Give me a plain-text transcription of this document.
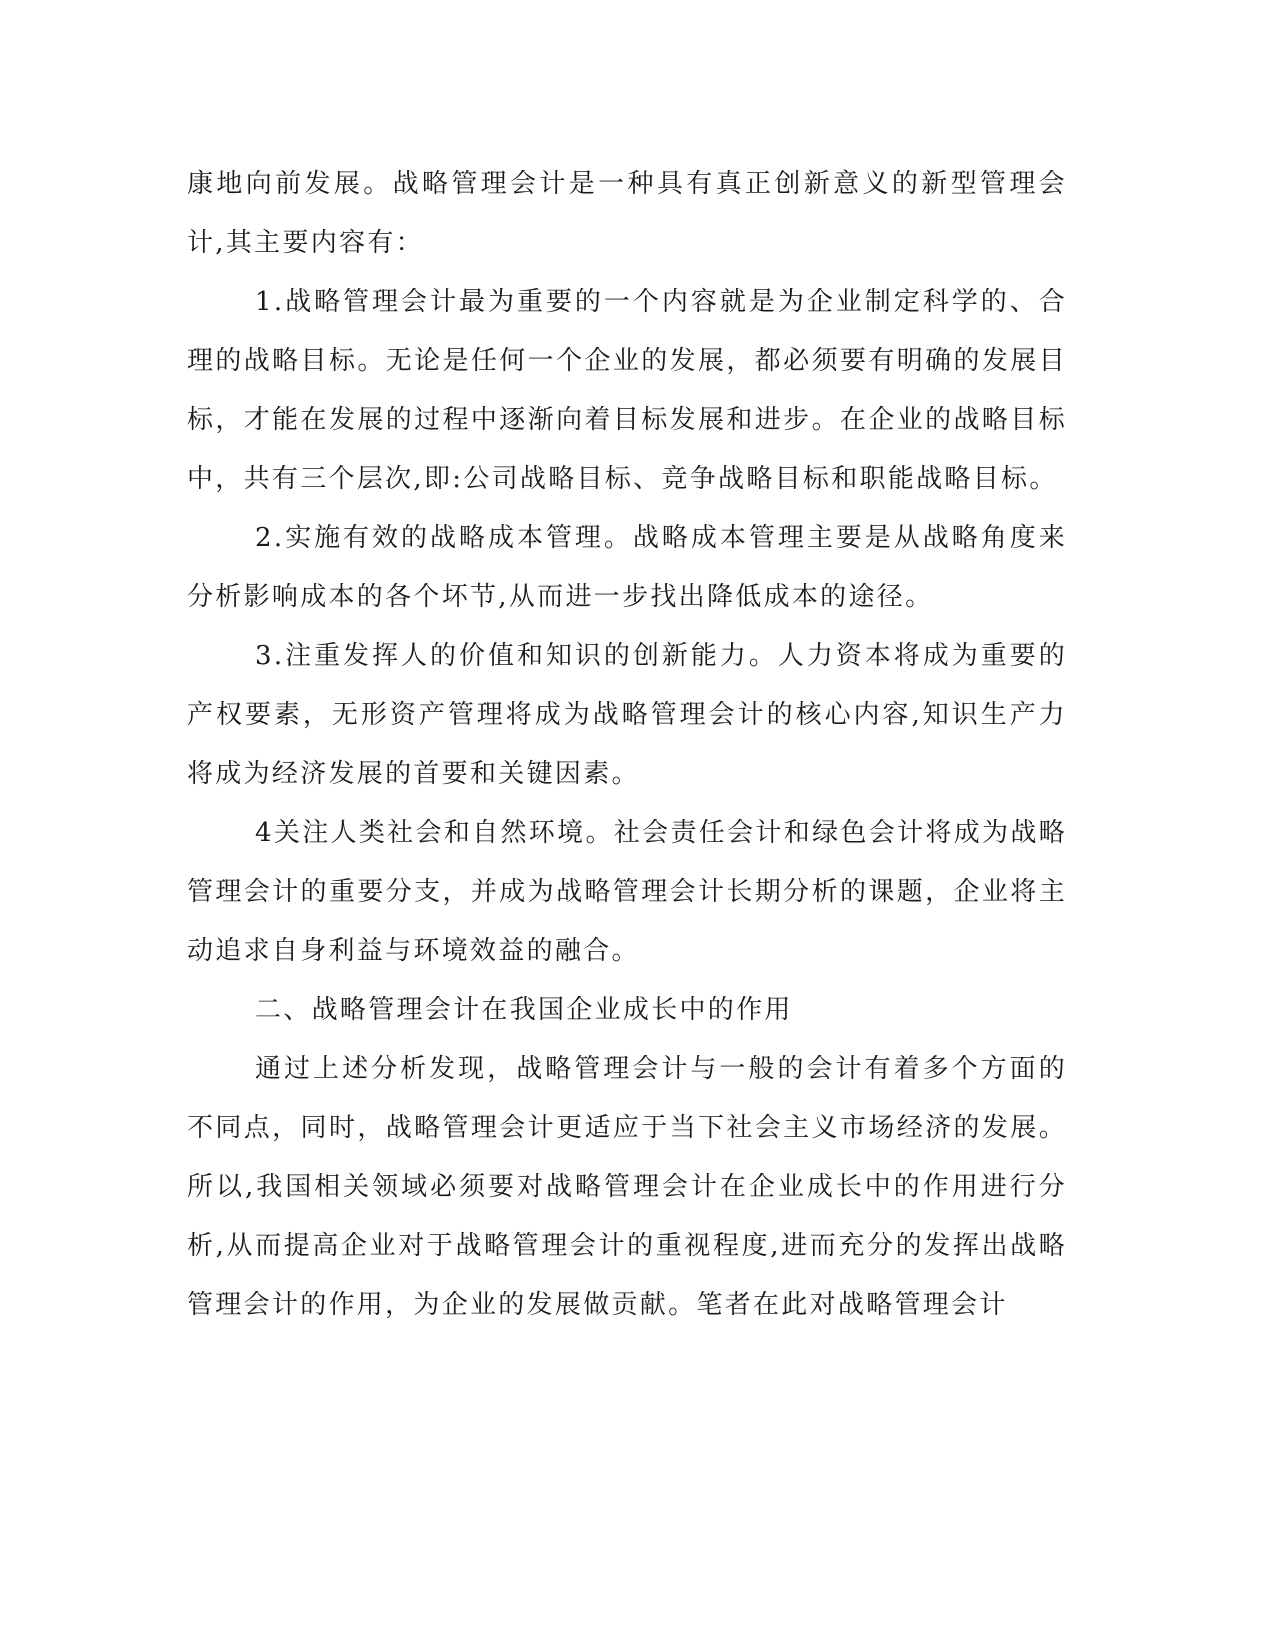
康地向前发展。战略管理会计是一种具有真正创新意义的新型管理会计,其主要内容有：

1.战略管理会计最为重要的一个内容就是为企业制定科学的、合理的战略目标。无论是任何一个企业的发展，都必须要有明确的发展目标，才能在发展的过程中逐渐向着目标发展和进步。在企业的战略目标中，共有三个层次,即:公司战略目标、竞争战略目标和职能战略目标。

2.实施有效的战略成本管理。战略成本管理主要是从战略角度来分析影响成本的各个坏节,从而进一步找出降低成本的途径。

3.注重发挥人的价值和知识的创新能力。人力资本将成为重要的产权要素，无形资产管理将成为战略管理会计的核心内容,知识生产力将成为经济发展的首要和关键因素。

4关注人类社会和自然环境。社会责任会计和绿色会计将成为战略管理会计的重要分支，并成为战略管理会计长期分析的课题，企业将主动追求自身利益与环境效益的融合。

二、战略管理会计在我国企业成长中的作用

通过上述分析发现，战略管理会计与一般的会计有着多个方面的不同点，同时，战略管理会计更适应于当下社会主义市场经济的发展。所以,我国相关领域必须要对战略管理会计在企业成长中的作用进行分析,从而提高企业对于战略管理会计的重视程度,进而充分的发挥出战略管理会计的作用，为企业的发展做贡献。笔者在此对战略管理会计
